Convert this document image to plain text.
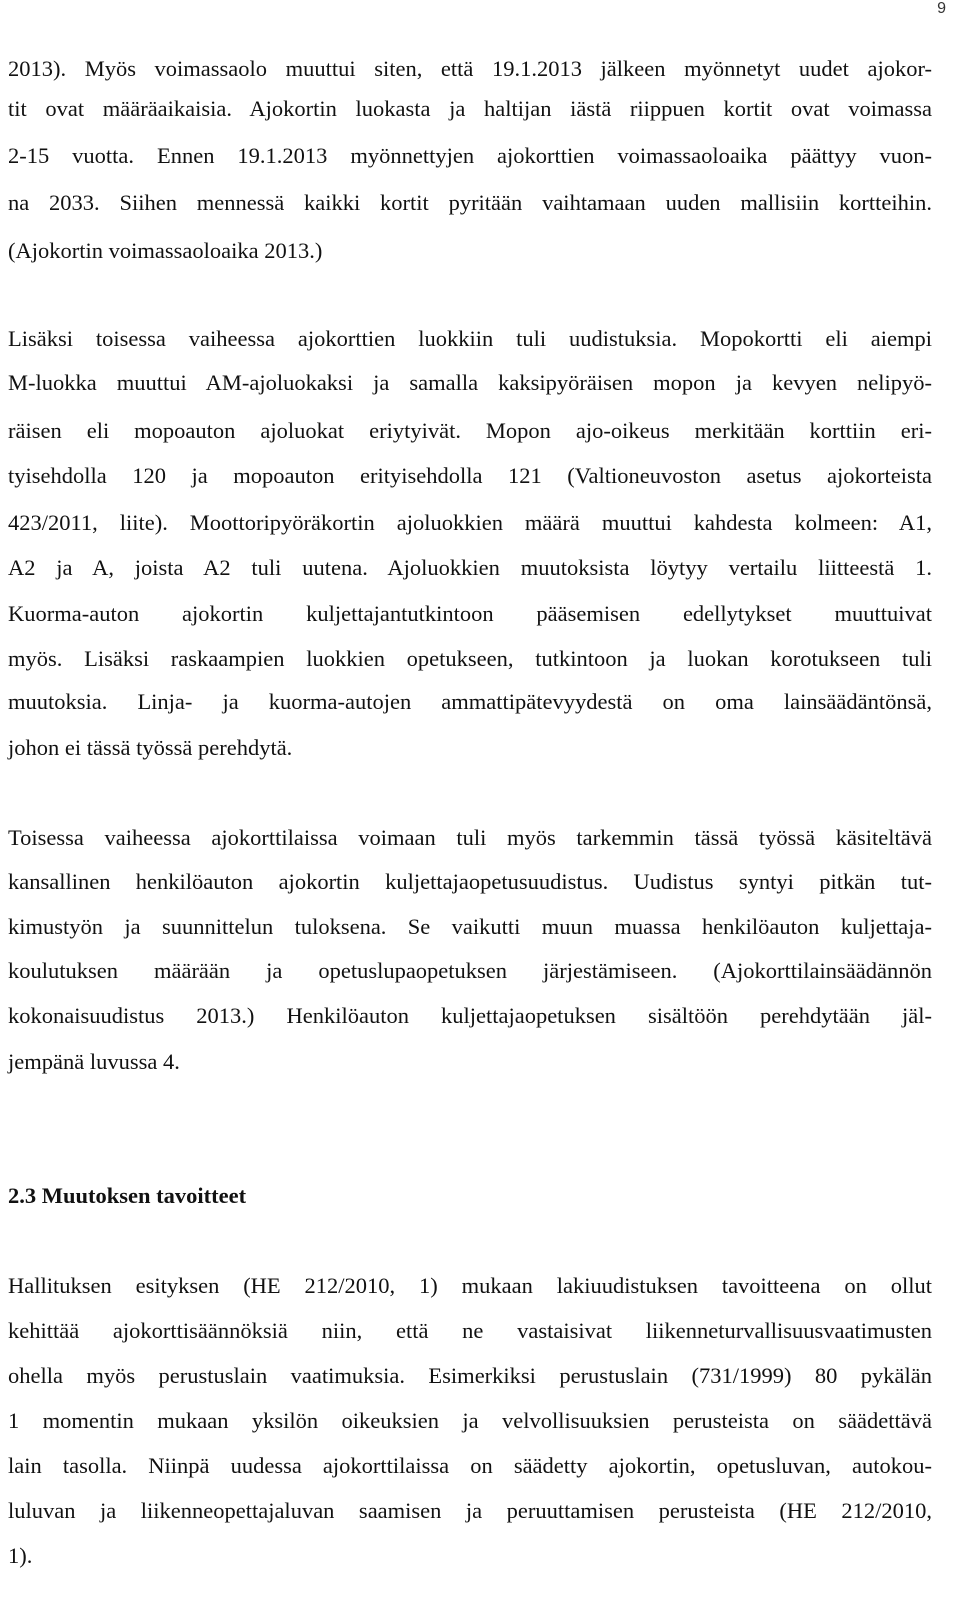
9
2013). Myös voimassaolo muuttui siten, että 19.1.2013 jälkeen myönnetyt uudet ajokor-
tit ovat määräaikaisia. Ajokortin luokasta ja haltijan iästä riippuen kortit ovat voimassa
2-15 vuotta. Ennen 19.1.2013 myönnettyjen ajokorttien voimassaoloaika päättyy vuon-
na 2033. Siihen mennessä kaikki kortit pyritään vaihtamaan uuden mallisiin kortteihin.
(Ajokortin voimassaoloaika 2013.)
Lisäksi toisessa vaiheessa ajokorttien luokkiin tuli uudistuksia. Mopokortti eli aiempi
M-luokka muuttui AM-ajoluokaksi ja samalla kaksipyöräisen mopon ja kevyen nelipyö-
räisen eli mopoauton ajoluokat eriytyivät. Mopon ajo-oikeus merkitään korttiin eri-
tyisehdolla 120 ja mopoauton erityisehdolla 121 (Valtioneuvoston asetus ajokorteista
423/2011, liite). Moottoripyöräkortin ajoluokkien määrä muuttui kahdesta kolmeen: A1,
A2 ja A, joista A2 tuli uutena. Ajoluokkien muutoksista löytyy vertailu liitteestä 1.
Kuorma-auton ajokortin kuljettajantutkintoon pääsemisen edellytykset muuttuivat
myös. Lisäksi raskaampien luokkien opetukseen, tutkintoon ja luokan korotukseen tuli
muutoksia. Linja- ja kuorma-autojen ammattipätevyydestä on oma lainsäädäntönsä,
johon ei tässä työssä perehdytä.
Toisessa vaiheessa ajokorttilaissa voimaan tuli myös tarkemmin tässä työssä käsiteltävä
kansallinen henkilöauton ajokortin kuljettajaopetusuudistus. Uudistus syntyi pitkän tut-
kimustyön ja suunnittelun tuloksena. Se vaikutti muun muassa henkilöauton kuljettaja-
koulutuksen määrään ja opetuslupaopetuksen järjestämiseen. (Ajokorttilainsäädännön
kokonaisuudistus 2013.) Henkilöauton kuljettajaopetuksen sisältöön perehdytään jäl-
jempänä luvussa 4.
2.3 Muutoksen tavoitteet
Hallituksen esityksen (HE 212/2010, 1) mukaan lakiuudistuksen tavoitteena on ollut
kehittää ajokorttisäännöksiä niin, että ne vastaisivat liikenneturvallisuusvaatimusten
ohella myös perustuslain vaatimuksia. Esimerkiksi perustuslain (731/1999) 80 pykälän
1 momentin mukaan yksilön oikeuksien ja velvollisuuksien perusteista on säädettävä
lain tasolla. Niinpä uudessa ajokorttilaissa on säädetty ajokortin, opetusluvan, autokou-
luluvan ja liikenneopettajaluvan saamisen ja peruuttamisen perusteista (HE 212/2010,
1).
